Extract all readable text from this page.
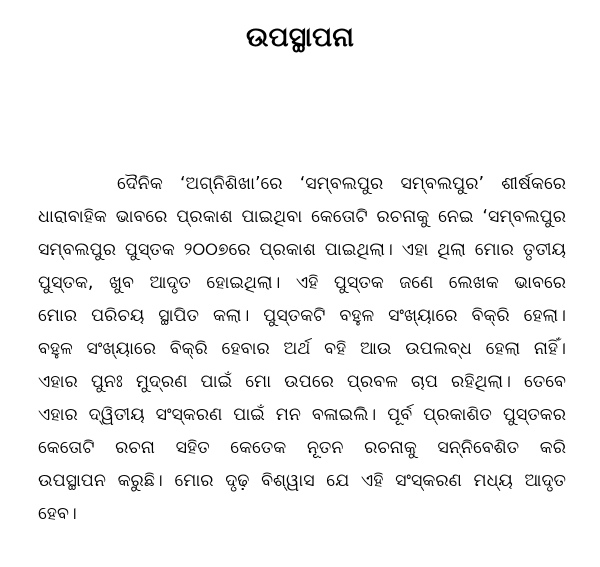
ଉପସ୍ଥାପନା
ଦୈନିକ ‘ଅଗ୍ନିଶିଖା’ରେ ‘ସମ୍ବଲପୁର ସମ୍ବଲପୁର’ ଶୀର୍ଷକରେ
ଧାରାବାହିକ ଭାବରେ ପ୍ରକାଶ ପାଇଥିବା କେତୋଟି ରଚନାକୁ ନେଇ ‘ସମ୍ବଲପୁର
ସମ୍ବଲପୁର ପୁସ୍ତକ ୨୦୦୭ରେ ପ୍ରକାଶ ପାଇଥିଲା। ଏହା ଥିଲା ମୋର ତୃତୀୟ
ପୁସ୍ତକ, ଖୁବ ଆଦୃତ ହୋଇଥିଲା। ଏହି ପୁସ୍ତକ ଜଣେ ଲେଖକ ଭାବରେ
ମୋର ପରିଚୟ ସ୍ଥାପିତ କଲା। ପୁସ୍ତକଟି ବହୁଳ ସଂଖ୍ୟାରେ ବିକ୍ରି ହେଲା।
ବହୁଳ ସଂଖ୍ୟାରେ ବିକ୍ରି ହେବାର ଅର୍ଥ ବହି ଆଉ ଉପଲବ୍ଧ ହେଲା ନାହିଁ।
ଏହାର ପୁନଃ ମୁଦ୍ରଣ ପାଇଁ ମୋ ଉପରେ ପ୍ରବଳ ଚାପ ରହିଥିଲା। ତେବେ
ଏହାର ଦ୍ୱିତୀୟ ସଂସ୍କରଣ ପାଇଁ ମନ ବଳାଇଲି। ପୂର୍ବ ପ୍ରକାଶିତ ପୁସ୍ତକର
କେତୋଟି ରଚନା ସହିତ କେତେକ ନୂତନ ରଚନାକୁ ସନ୍ନିବେଶିତ କରି
ଉପସ୍ଥାପନ କରୁଛି। ମୋର ଦୃଢ଼ ବିଶ୍ୱାସ ଯେ ଏହି ସଂସ୍କରଣ ମଧ୍ୟ ଆଦୃତ
ହେବ।
